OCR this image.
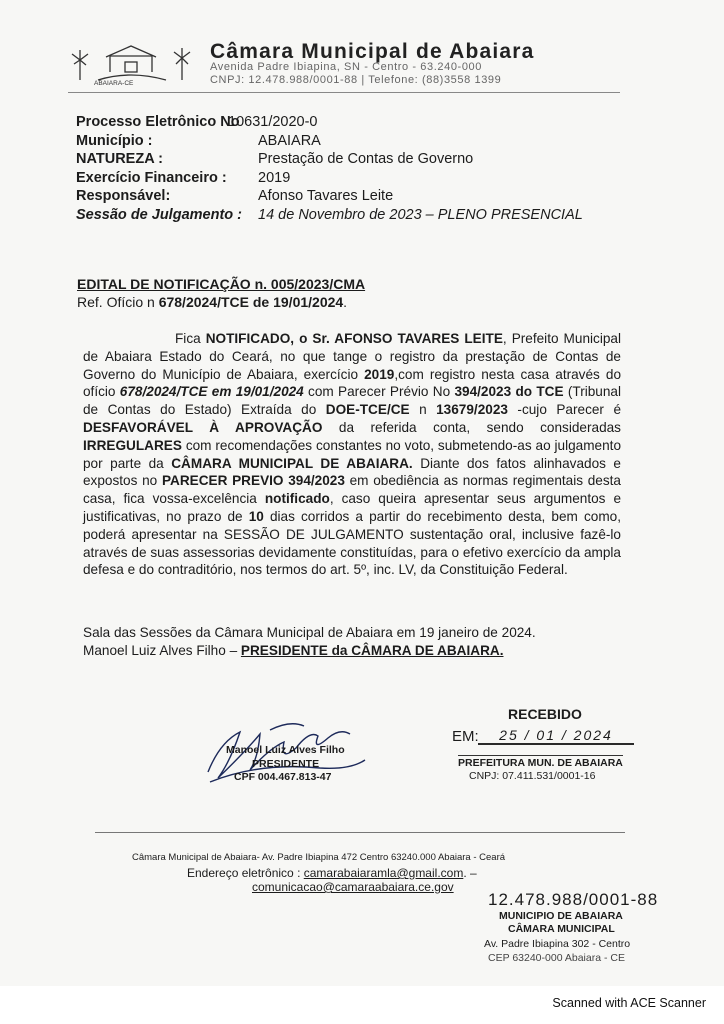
ABAIARA-CE
Câmara Municipal de Abaiara
Avenida Padre Ibiapina, SN - Centro - 63.240-000
CNPJ: 12.478.988/0001-88 | Telefone: (88)3558 1399
Processo Eletrônico No
10631/2020-0
Município :	ABAIARA
NATUREZA :	Prestação de Contas de Governo
Exercício Financeiro :	2019
Responsável:	Afonso Tavares Leite
Sessão de Julgamento :	14 de Novembro de 2023 – PLENO PRESENCIAL
EDITAL DE NOTIFICAÇÃO n. 005/2023/CMA
Ref. Ofício n 678/2024/TCE de 19/01/2024.

Fica NOTIFICADO, o Sr. AFONSO TAVARES LEITE, Prefeito Municipal de Abaiara Estado do Ceará, no que tange o registro da prestação de Contas de Governo do Município de Abaiara, exercício 2019,com registro nesta casa através do ofício 678/2024/TCE em 19/01/2024 com Parecer Prévio No 394/2023 do TCE (Tribunal de Contas do Estado) Extraída do DOE-TCE/CE n 13679/2023 -cujo Parecer é DESFAVORÁVEL À APROVAÇÃO da referida conta, sendo consideradas IRREGULARES com recomendações constantes no voto, submetendo-as ao julgamento por parte da CÂMARA MUNICIPAL DE ABAIARA. Diante dos fatos alinhavados e expostos no PARECER PREVIO 394/2023 em obediência as normas regimentais desta casa, fica vossa-excelência notificado, caso queira apresentar seus argumentos e justificativas, no prazo de 10 dias corridos a partir do recebimento desta, bem como, poderá apresentar na SESSÃO DE JULGAMENTO sustentação oral, inclusive fazê-lo através de suas assessorias devidamente constituídas, para o efetivo exercício da ampla defesa e do contraditório, nos termos do art. 5º, inc. LV, da Constituição Federal.

Sala das Sessões da Câmara Municipal de Abaiara em 19 janeiro de 2024.
Manoel Luiz Alves Filho – PRESIDENTE da CÂMARA DE ABAIARA.
Manoel Luiz Alves Filho
PRESIDENTE
CPF 004.467.813-47
RECEBIDO
EM:	25 / 01 / 2024
PREFEITURA MUN. DE ABAIARA
CNPJ: 07.411.531/0001-16
Câmara Municipal de Abaiara- Av. Padre Ibiapina 472 Centro 63240.000 Abaiara - Ceará
Endereço eletrônico : camarabaiaramla@gmail.com. –
comunicacao@camaraabaiara.ce.gov
12.478.988/0001-88
MUNICIPIO DE ABAIARA
CÂMARA MUNICIPAL
Av. Padre Ibiapina 302 - Centro
CEP 63240-000 Abaiara - CE
Scanned with ACE Scanner
